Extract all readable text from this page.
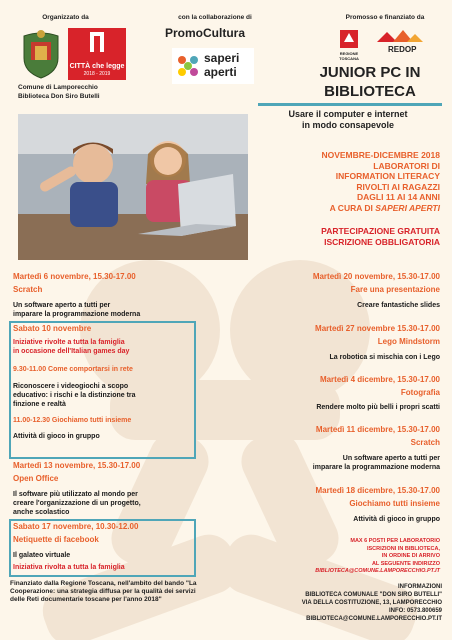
Organizzato da	con la collaborazione di	Promosso e finanziato da
CITTÀ che legge
2018 - 2019
Comune di Lamporecchio
Biblioteca Don Siro Butelli
PromoCultura
saperi
aperti
REGIONE TOSCANA
REDOP
JUNIOR PC IN
BIBLIOTECA
Usare il computer e internet
in modo consapevole
NOVEMBRE-DICEMBRE 2018
LABORATORI DI
INFORMATION LITERACY
RIVOLTI AI RAGAZZI
DAGLI 11 AI 14 ANNI
A CURA DI SAPERI APERTI
PARTECIPAZIONE GRATUITA
ISCRIZIONE OBBLIGATORIA
Martedì 6 novembre, 15.30-17.00
Scratch
Un software aperto a tutti per
imparare la programmazione moderna
Sabato 10 novembre
Iniziative rivolte a tutta la famiglia
in occasione dell'Italian games day
9.30-11.00 Come comportarsi in rete
Riconoscere i videogiochi a scopo
educativo: i rischi e la distinzione tra
finzione e realtà
11.00-12.30 Giochiamo tutti insieme
Attività di gioco in gruppo
Martedì 13 novembre, 15.30-17.00
Open Office
Il software più utilizzato al mondo per
creare l'organizzazione di un progetto,
anche scolastico
Sabato 17 novembre, 10.30-12.00
Netiquette di facebook
Il galateo virtuale
Iniziativa rivolta a tutta la famiglia
Martedì 20 novembre, 15.30-17.00
Fare una presentazione
Creare fantastiche slides
Martedì 27 novembre 15.30-17.00
Lego Mindstorm
La robotica si mischia con i Lego
Martedì 4 dicembre, 15.30-17.00
Fotografia
Rendere molto più belli i propri scatti
Martedì 11 dicembre, 15.30-17.00
Scratch
Un software aperto a tutti per
imparare la programmazione moderna
Martedì 18 dicembre, 15.30-17.00
Giochiamo tutti insieme
Attività di gioco in gruppo
MAX 6 POSTI PER LABORATORIO
ISCRIZIONI IN BIBLIOTECA,
IN ORDINE DI ARRIVO
AL SEGUENTE INDIRIZZO
BIBLIOTECA@COMUNE.LAMPORECCHIO.PT.IT
Finanziato dalla Regione Toscana, nell'ambito del bando "La
Cooperazione: una strategia diffusa per la qualità dei servizi
delle Reti documentarie toscane per l'anno 2018"
INFORMAZIONI
BIBLIOTECA COMUNALE "DON SIRO BUTELLI"
VIA DELLA COSTITUZIONE, 13, LAMPORECCHIO
INFO: 0573.800659
BIBLIOTECA@COMUNE.LAMPORECCHIO.PT.IT
